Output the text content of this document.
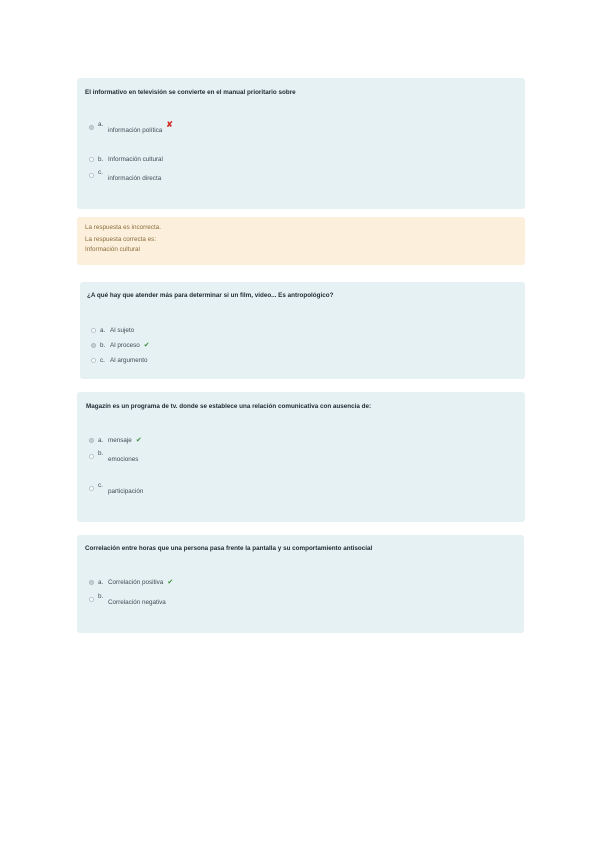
El informativo en televisión se convierte en el manual prioritario sobre
a.
información política
✘
b. Información cultural
c.
información directa
La respuesta es incorrecta.
La respuesta correcta es:
Información cultural
¿A qué hay que atender más para determinar si un film, video... Es antropológico?
a. Al sujeto
b. Al proceso ✔
c. Al argumento
Magazín es un programa de tv. donde se establece una relación comunicativa con ausencia de:
a. mensaje ✔
b.
emociones
c.
participación
Correlación entre horas que una persona pasa frente la pantalla y su comportamiento antisocial
a. Correlación positiva ✔
b.
Correlación negativa
